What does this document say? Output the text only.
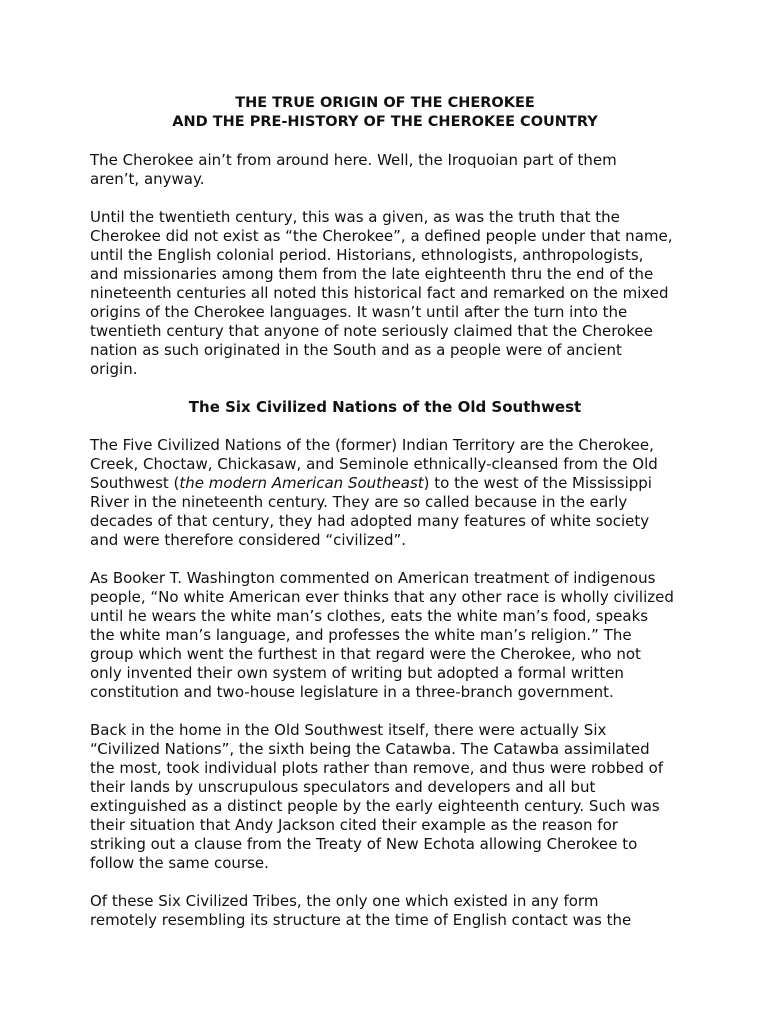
THE TRUE ORIGIN OF THE CHEROKEE
AND THE PRE-HISTORY OF THE CHEROKEE COUNTRY

The Cherokee ain’t from around here. Well, the Iroquoian part of them
aren’t, anyway.

Until the twentieth century, this was a given, as was the truth that the
Cherokee did not exist as “the Cherokee”, a defined people under that name,
until the English colonial period. Historians, ethnologists, anthropologists,
and missionaries among them from the late eighteenth thru the end of the
nineteenth centuries all noted this historical fact and remarked on the mixed
origins of the Cherokee languages. It wasn’t until after the turn into the
twentieth century that anyone of note seriously claimed that the Cherokee
nation as such originated in the South and as a people were of ancient
origin.

The Six Civilized Nations of the Old Southwest

The Five Civilized Nations of the (former) Indian Territory are the Cherokee,
Creek, Choctaw, Chickasaw, and Seminole ethnically-cleansed from the Old
Southwest (the modern American Southeast) to the west of the Mississippi
River in the nineteenth century. They are so called because in the early
decades of that century, they had adopted many features of white society
and were therefore considered “civilized”.

As Booker T. Washington commented on American treatment of indigenous
people, “No white American ever thinks that any other race is wholly civilized
until he wears the white man’s clothes, eats the white man’s food, speaks
the white man’s language, and professes the white man’s religion.” The
group which went the furthest in that regard were the Cherokee, who not
only invented their own system of writing but adopted a formal written
constitution and two-house legislature in a three-branch government.

Back in the home in the Old Southwest itself, there were actually Six
“Civilized Nations”, the sixth being the Catawba. The Catawba assimilated
the most, took individual plots rather than remove, and thus were robbed of
their lands by unscrupulous speculators and developers and all but
extinguished as a distinct people by the early eighteenth century. Such was
their situation that Andy Jackson cited their example as the reason for
striking out a clause from the Treaty of New Echota allowing Cherokee to
follow the same course.

Of these Six Civilized Tribes, the only one which existed in any form
remotely resembling its structure at the time of English contact was the
